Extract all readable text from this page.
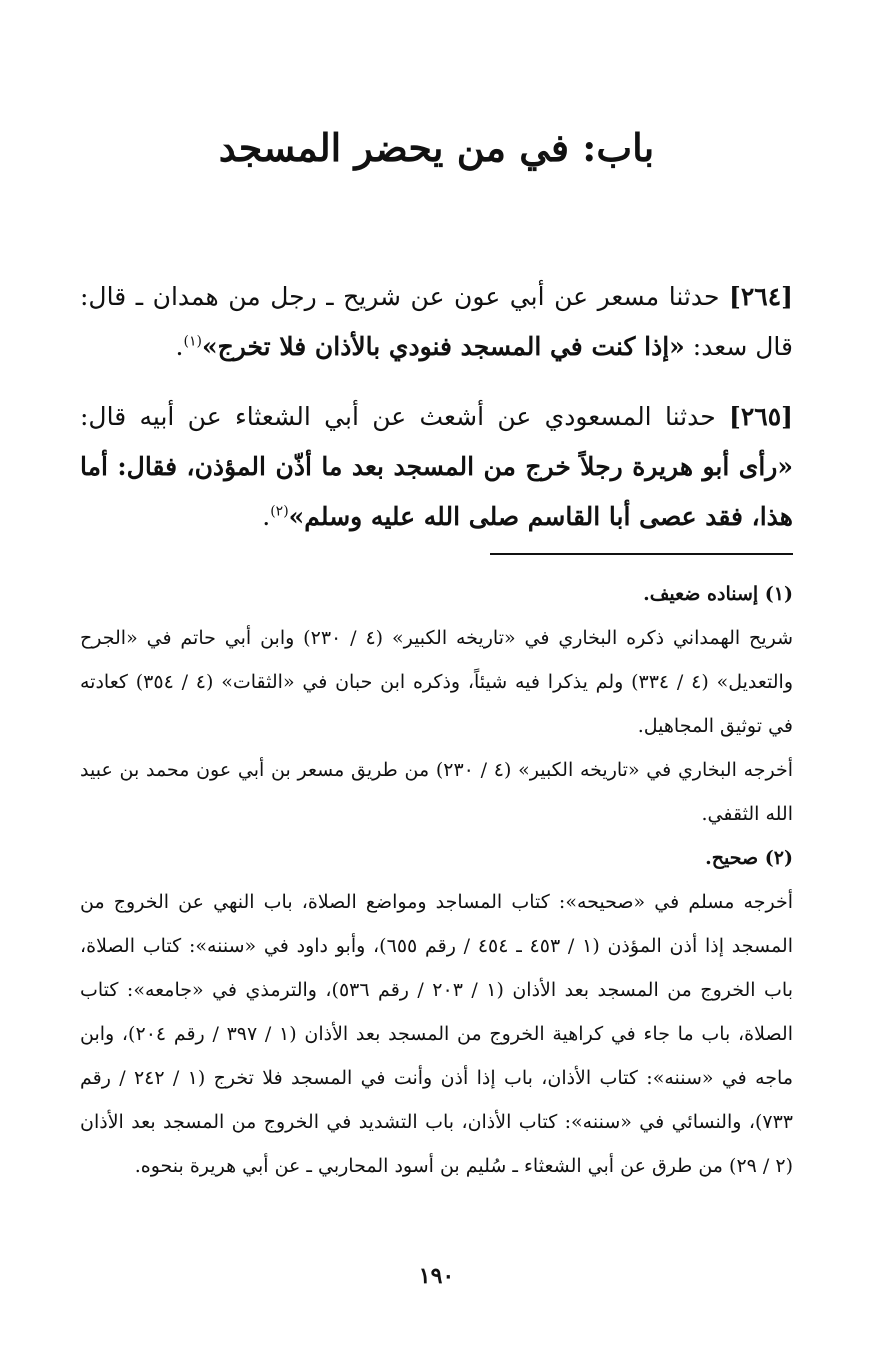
باب: في من يحضر المسجد
[٢٦٤] حدثنا مسعر عن أبي عون عن شريح ـ رجل من همدان ـ قال: قال سعد: «إذا كنت في المسجد فنودي بالأذان فلا تخرج»$^{(١)}$.
[٢٦٥] حدثنا المسعودي عن أشعث عن أبي الشعثاء عن أبيه قال: «رأى أبو هريرة رجلاً خرج من المسجد بعد ما أذّن المؤذن، فقال: أما هذا، فقد عصى أبا القاسم صلى الله عليه وسلم»$^{(٢)}$.

(١) إسناده ضعيف.

شريح الهمداني ذكره البخاري في «تاريخه الكبير» (٤ / ٢٣٠) وابن أبي حاتم في «الجرح والتعديل» (٤ / ٣٣٤) ولم يذكرا فيه شيئاً، وذكره ابن حبان في «الثقات» (٤ / ٣٥٤) كعادته في توثيق المجاهيل.

أخرجه البخاري في «تاريخه الكبير» (٤ / ٢٣٠) من طريق مسعر بن أبي عون محمد بن عبيد الله الثقفي.

(٢) صحيح.

أخرجه مسلم في «صحيحه»: كتاب المساجد ومواضع الصلاة، باب النهي عن الخروج من المسجد إذا أذن المؤذن (١ / ٤٥٣ ـ ٤٥٤ / رقم ٦٥٥)، وأبو داود في «سننه»: كتاب الصلاة، باب الخروج من المسجد بعد الأذان (١ / ٢٠٣ / رقم ٥٣٦)، والترمذي في «جامعه»: كتاب الصلاة، باب ما جاء في كراهية الخروج من المسجد بعد الأذان (١ / ٣٩٧ / رقم ٢٠٤)، وابن ماجه في «سننه»: كتاب الأذان، باب إذا أذن وأنت في المسجد فلا تخرج (١ / ٢٤٢ / رقم ٧٣٣)، والنسائي في «سننه»: كتاب الأذان، باب التشديد في الخروج من المسجد بعد الأذان (٢ / ٢٩) من طرق عن أبي الشعثاء ـ سُليم بن أسود المحاربي ـ عن أبي هريرة بنحوه.

١٩٠
